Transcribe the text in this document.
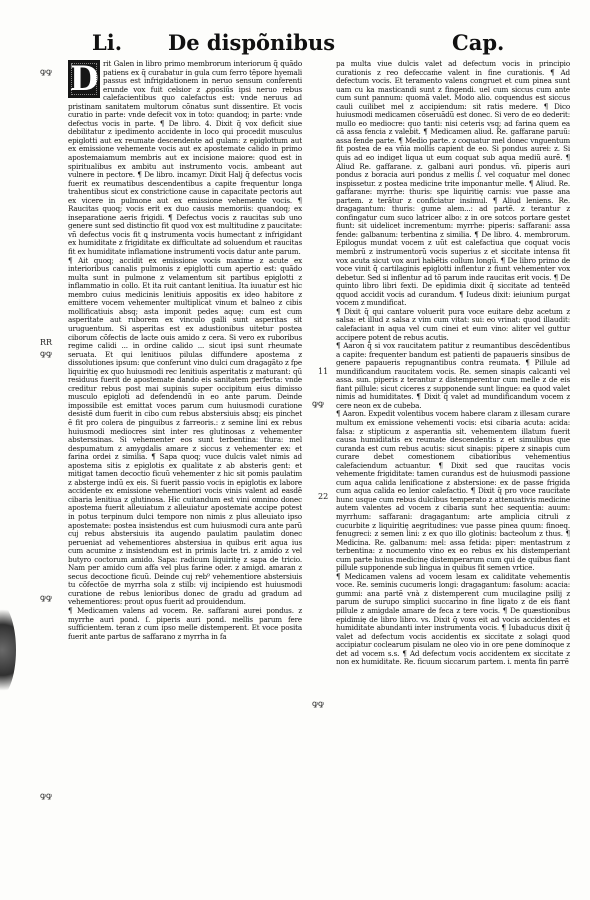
Li. De dispõnibus	Cap.
ꝙꝙ
RR
ꝙꝙ
ꝙꝙ
ꝙꝙ
11
ꝙꝙ
22
ꝙꝙ
D rit Galen in libro primo membrorum interiorum q̃ quãdo patiens ex q̃ curabatur in gula cum ferro tẽpore hyemali passus est infrigidationem in neruo sensum conferenti erunde vox fuit celsior z ꝓposiũs ipsi neruo rebus calefacientibus quo calefactus est: vnde neruus ad pristinam sanitatem multorum cõnatus sunt dissentire. Et vocis curatio in parte: vnde defecit vox in toto: quandoq; in parte: vnde defectus vocis in parte. ¶ De libro. 4. Dixit q̃ vox deficit siue debilitatur z ipedimento accidente in loco qui procedit musculus epiglotti aut ex reumate descendente ad gulam: z epiglottum aut ex emissione vehemente vocis aut ex apostemate calido in primo apostemaiamum membris aut ex incisione maiore: quod est in spiritualibus ex ambitu aut instrumento vocis. ambeant aut vulnere in pectore. ¶ De libro. incamyr. Dixit Halj q̃ defectus vocis fuerit ex reumatibus descendentibus a capite frequentur longa trahentibus sicut ex constrictione cause in capacitate pectoris aut ex vicere in pulmone aut ex emissione vehemente vocis. ¶ Raucitas quoq; vocis erit ex duo causis memoriis: quandoq; ex inseparatione aeris frigidi. ¶ Defectus vocis z raucitas sub uno genere sunt sed distinctio fit quod vox est multitudine z paucitate: vñ defectus vocis fit ꝗ instrumenta vocis humectant z infrigidant ex humiditate z frigiditate ex difficultate ad soluendum et raucitas fit ex humiditate inflamatione instrumenti vocis datur ante parum.
¶ Ait quoq; accidit ex emissione vocis maxime z acute ex interioribus canalis pulmonis z epiglotti cum apertio est: quãdo multa sunt in pulmone z velamentum sit partibus epiglotti z inflammatio in collo. Et ita ruit cantant lenitiua. Ita iuuatur est hic membro cuius medicinis lenitiuis appositis ex ideo habitore z emittere vocem vehementer multiplicat vinum et balneo z cibis mollificatiuis absq; asta imponit pedes aquę: cum est cum asperitate aut ruborem ex vinculo galli sunt asperitas sit uruguentum. Si asperitas est ex adustionibus uitetur postea ciborum cõfectis de lacte ouis amido z cera. Si vero ex ruboribus regime calidi ... in ordine calido ... sicut ipsi sunt rheumate seruata. Et qui lenitiuos pilulas diffundere apostema z dissolutiones ipsum: que conferunt vino dulci cum dragagãto z fpe liquiritię ex quo huiusmodi rec lenitiuis asperitatis z maturant: qũ residuus fuerit de apostemate dando eis sanitatem perfecta: vnde creditur rebus post mai supinis super occipitum eius dimisso musculo epigloti ad defendendũ in eo ante parum. Deinde impossibile est emittat voces parum cum huiusmodi curatione desistẽ dum fuerit in cibo cum rebus abstersiuis absq; eis pinchet ẽ fit pro colera de pinguibus z farreoris.: z semine lini ex rebus huiusmodi mediocres sint inter res glutinosas z vehementer absterssinas. Si vehementer eos sunt terbentina: tlura: mel despumatum z amygdalis amare z siccus z vehementer ex: et farina ordei z similia. ¶ Sapa quoq; vuce dulcis valet nimis ad apostema sitis z epiglotis ex qualitate z ab absteris gent: et mitigat tamen decoctio ficuũ vehementer z hic sit pomis paulatim z absterge indũ ex eis. Si fuerit passio vocis in epiglotis ex labore accidente ex emissione vehementiori vocis vinis valent ad easdẽ cibaria lenitiua z glutinosa. Hic cuitandum est vini omnino donec apostema fuerit alleuiatum z alleuiatur apostemate accipe potest in potus terpinum dulci tempore non nimis z plus alleuiato ipso apostemate: postea insistendus est cum huiusmodi cura ante parũ cuj rebus abstersiuis ita augendo paulatim paulatim donec perueniat ad vehementiores abstersiua in quibus erit aqua ius cum acumine z insistendum est in primis lacte tri. z amido z vel butyro coctorum amido. Sapa: radicum liquiritę z sapa de tricio. Nam per amido cum affa vel plus farine oder. z amigd. amaran z secus decoctione ficuũ. Deinde cuj reb⁹ vehementiore abstersiuis tu cõfectõe de myrrha sola z stilb: vij incipiendo est huiusmodi curatione de rebus lenioribus donec de gradu ad gradum ad vehementiores: prout opus fuerit ad prouidendum.
¶ Medicamen valens ad vocem. Re. saffarani aurei pondus. z myrrhe auri pond. ſ. piperis auri pond. mellis parum fere sufficientem. teran z cum ipso melle distemperent. Et voce posita fuerit ante partus de saffarano z myrrha in fa
pa multa viue dulcis valet ad defectum vocis in principio curationis z reo defeccaṁe valent in fine curationis. ¶ Ad defectum vocis. Et teramento valens congruet et cum pinea sunt uam cu ka masticandi sunt z fingendi. uel cum siccus cum ante cum sunt pannum: quomã valet. Modo alio. coquendus est siccus cauli cuilibet mel z accipiendum: sit ratis medere. ¶ Dico huiusmodi medicamen cõseruãdũ est donec. Si vero de eo dederit: mullo eo mediocre: quo tanti: nisi ceteris vsq; ad farina quem ea cã assa fencia z valebit. ¶ Medicamen aliud. Re. gaffarane paruũ: assa fende parte. ¶ Medio parte. z coquatur mel donec vnguentum fit postea de ea vñia mollis capient de eo. Si pondus aurei: z. Si quis ad eo indiget liqua ut eum coquat sub aqua mediũ aurẽ. ¶ Aliud Re. gaffarane. z. galbani auri pondus. vñ. piperis auri pondus z boracia auri pondus z mellis ſ. vel coquatur mel donec inspissetur. z postea medicine trite imponantur melle. ¶ Aliud. Re. gaffarane: myrrhe: thuris: spe liquiritię carnis: vue passe ana partem. z terãtur z conficiatur insimul. ¶ Aliud leniens. Re. dragagantum: thuris: gume alem...: ad partẽ. z terantur z confingatur cum suco latricer albo: z in ore sotcos portare gestet fiunt: sit uidelicet incrementum: myrrhe: piperis: saffarani: assa fende: galbanum: terbentina z similia. ¶ De libro. 4. membrorum. Epilogus mundat vocem z uũt est calefactiua que coquat vocis membrũ z instrumentorũ vocis superius z et siccitate intensa fit vox acuta sicut vox auri habẽtis collum longũ. ¶ De libro primo de voce vinit q̃ cartilaginis epiglotti inflentur z fiunt vehementer vox debetur. Sed si inflentur ad tõ parum inde raucitas erit vocis. ¶ De quinto libro libri fexti. De epidimia dixit q̃ siccitate ad tenteẽd qquod accidit vocis ad curandum. ¶ Iudeus dixit: ieiunium purgat vocem z mundificat.
¶ Dixit q̃ qui cantare voluerit pura voce euitare debz acetum z salsa: et illud z salsa z vim cum vitat: sui: eo vrinat: quod illaudit: calefaciant in aqua vel cum cinei et eum vino: aliter vel guttur accipere potent de rebus acutis.
¶ Aaron q̃ si vox raucitatem patitur z reumantibus descẽdentibus a capite: frequenter bandum est patienti de papaueris sinsibus de genere papaueris repugnantibus contra reumata. ¶ Pillule ad mundificandum raucitatem vocis. Re. semen sinapis calcanti vel assa. sun. piperis z terantur z distemperentur cum melle z de eis fiant pillule: sicut ciceres z supponende sunt lingue: ea quod valet nimis ad humiditates. ¶ Dixit q̃ valet ad mundificandum vocem z cere neon ex de cubeba.
¶ Aaron. Expedit volentibus vocem habere claram z illesam curare multum ex emissione vehementi vocis: etsi cibaria acuta: acida: falsa: z stipticum z asperantia sit. vehementem illatum fuerit causa humiditatis ex reumate descendentis z et simulibus que curanda est cum rebus acutis: sicut sinapis: pipere z sinapis cum curare debet comestionem cibatioribus vehementius calefaciendum actuantur. ¶ Dixit sed que raucitas vocis vehemente frigiditate: tamen curandus est de huiusmodi passione cum aqua calida lenificatione z abstersione: ex de passe frigida cum aqua calida eo lenior calefactio. ¶ Dixit q̃ pro voce raucitate hunc usque cum rebus dulcibus temperato z attenuativis medicine autem valentes ad vocem z cibaria sunt hec sequentia: auum: myrrhum: saffarani: dragagantum: arte amplicia citruli z cucurbite z liquiritię aegritudines: vue passe pinea quum: finoeq. fenugreci: z semen lini: z ex quo illo glotinis: bacteolum z thus. ¶ Medicina. Re. galbanum: mel: assa fetida: piper: mentastrum z terbentina: z nocumento vino ex eo rebus ex his distemperiant cum parte huius medicinę distemperarum cum qui de quibus fiant pillule supponende sub lingua in quibus fit semen vrtice.
¶ Medicamen valens ad vocem lesam ex caliditate vehementis voce. Re. seminis cucumeris longi: dragagantum: fasolum: acacia: gummi: ana partẽ vnà z distemperent cum mucilagine psilij z parum de surupo simplici succarino in fine ligato z de eis fiant pillule z amigdale amare de feca z tere vocis. ¶ De quæstionibus epidimię de libro libro. vs. Dixit q̃ voxs eit ad vocis accidentes et humiditate abundanti inter instrumenta vocis. ¶ Iubaducus dixit q̃ valet ad defectum vocis accidentis ex siccitate z solagi quod accipiatur coclearum pisulam ne oleo vio in ore pene dominoque z det ad vocem s.s. ¶ Ad defectum vocis accidentem ex siccitate z non ex humiditate. Re. ficuum siccarum partem. i. menta fin parrẽ
